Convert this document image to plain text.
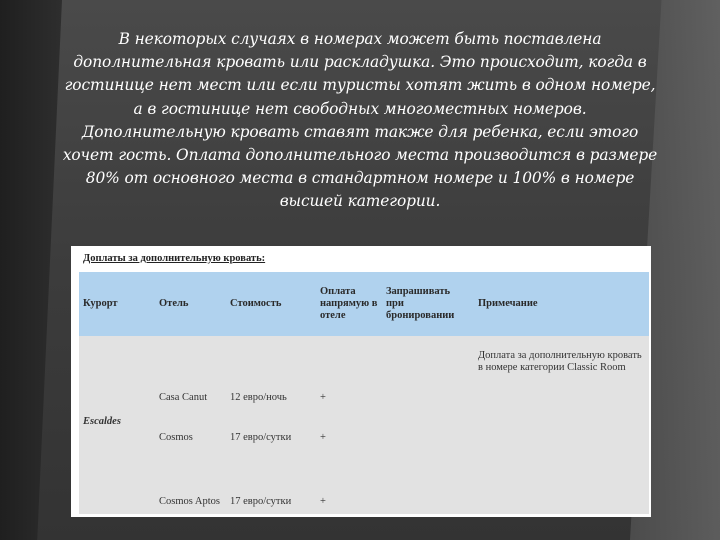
В некоторых случаях в номерах может быть поставлена дополнительная кровать или раскладушка. Это происходит, когда в гостинице нет мест или если туристы хотят жить в одном номере, а в гостинице нет свободных многоместных номеров. Дополнительную кровать ставят также для ребенка, если этого хочет гость. Оплата дополнительного места производится в размере 80% от основного места в стандартном номере и 100% в номере высшей категории.

Доплаты за дополнительную кровать:
Курорт	Отель	Стоимость	Оплата напрямую в отеле	Запрашивать при бронировании	Примечание
Escaldes	Casa Canut	12 евро/ночь	+		Доплата за дополнительную кровать в номере категории Classic Room
	Cosmos	17 евро/сутки	+		
	Cosmos Aptos	17 евро/сутки	+		
